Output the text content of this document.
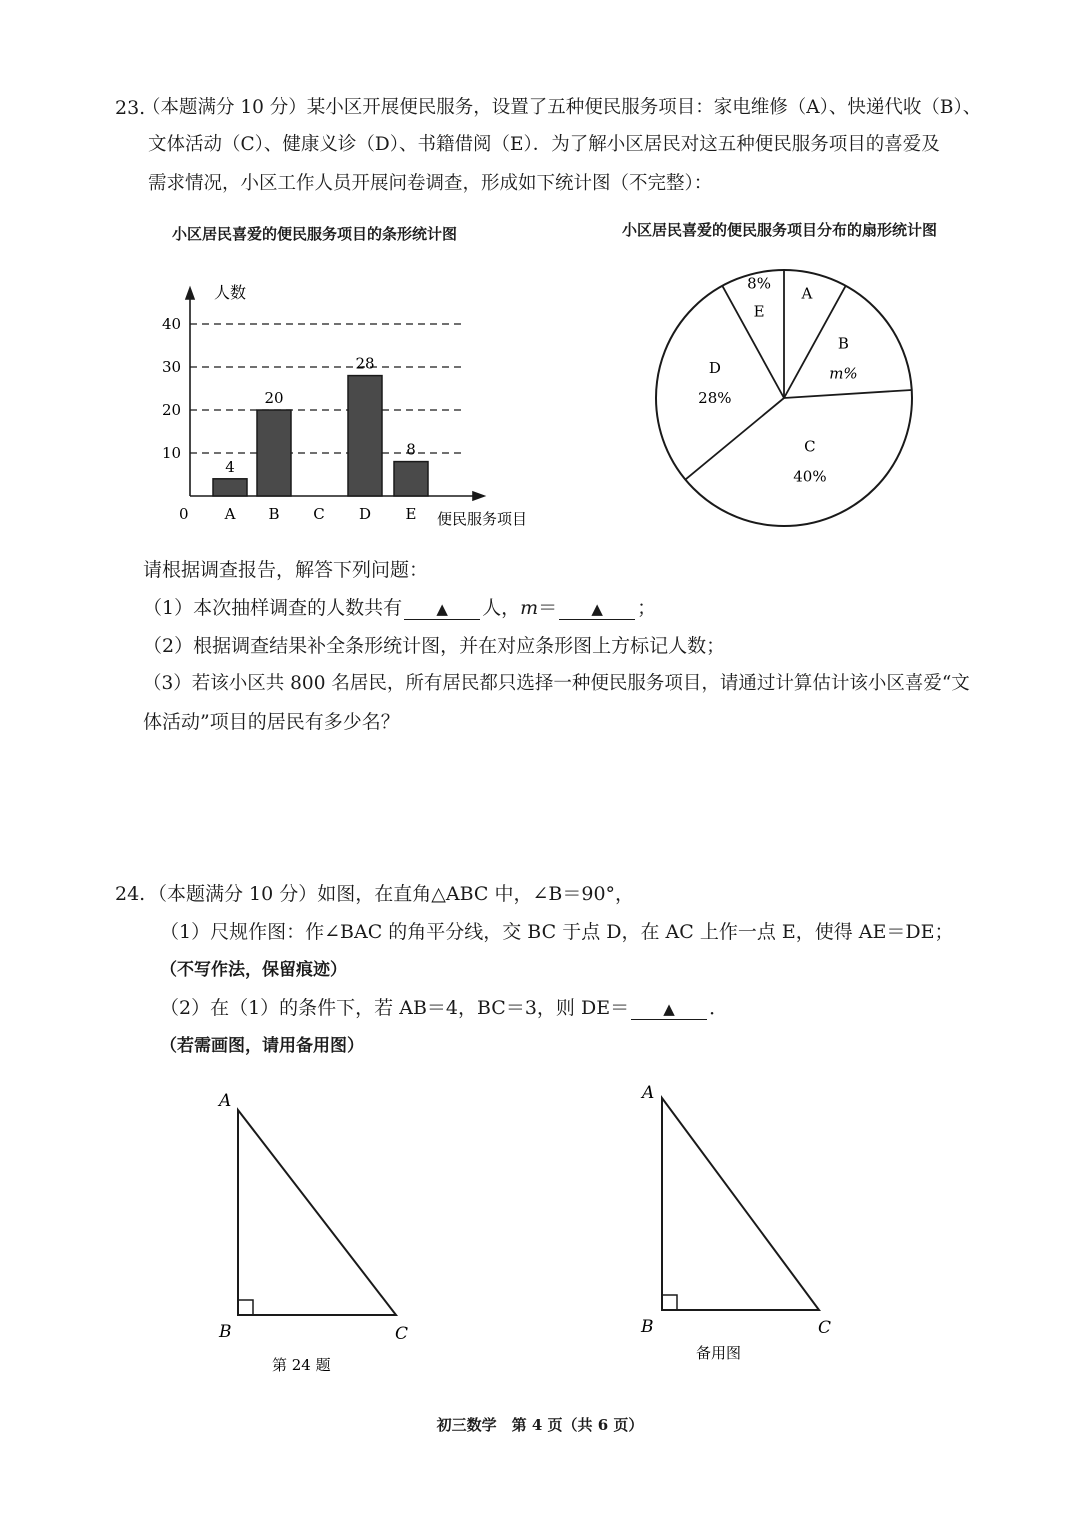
23.
（本题满分 10 分）某小区开展便民服务，设置了五种便民服务项目：家电维修（A）、快递代收（B）、
文体活动（C）、健康义诊（D）、书籍借阅（E）．为了解小区居民对这五种便民服务项目的喜爱及
需求情况，小区工作人员开展问卷调查，形成如下统计图（不完整）：
小区居民喜爱的便民服务项目的条形统计图	小区居民喜爱的便民服务项目分布的扇形统计图
10
20
30
40
4
20
28
8
A B C D E
人数
便民服务项目
0
A
B
m%
C
40%
D
28%
8%
E
请根据调查报告，解答下列问题：
（1）本次抽样调查的人数共有 ▲ 人，m＝ ▲ ；
（2）根据调查结果补全条形统计图，并在对应条形图上方标记人数；
（3）若该小区共 800 名居民，所有居民都只选择一种便民服务项目，请通过计算估计该小区喜爱“文
体活动”项目的居民有多少名？
24. （本题满分 10 分）如图，在直角△ABC 中，∠B＝90°，
（1）尺规作图：作∠BAC 的角平分线，交 BC 于点 D，在 AC 上作一点 E，使得 AE＝DE；
（不写作法，保留痕迹）
（2）在（1）的条件下，若 AB＝4，BC＝3，则 DE＝ ▲ ．
（若需画图，请用备用图）
A
B	C
第 24 题
A
B	C
备用图
初三数学　第 4 页（共 6 页）
